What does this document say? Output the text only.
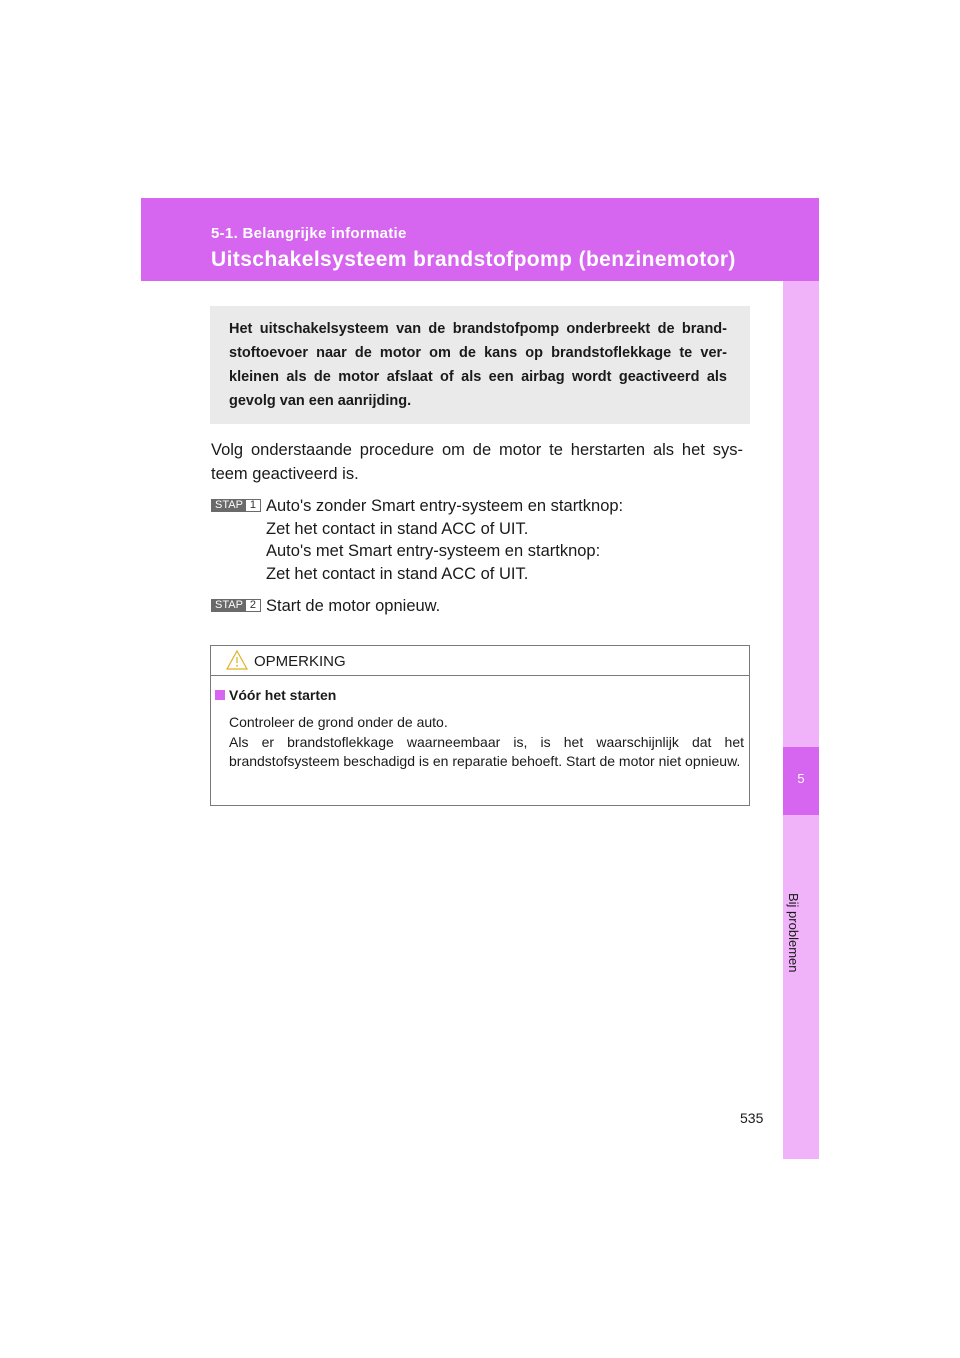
5-1. Belangrijke informatie
Uitschakelsysteem brandstofpomp (benzinemotor)
5
Bij problemen
Het uitschakelsysteem van de brandstofpomp onderbreekt de brand- stoftoevoer naar de motor om de kans op brandstoflekkage te ver- kleinen als de motor afslaat of als een airbag wordt geactiveerd als gevolg van een aanrijding.
Volg onderstaande procedure om de motor te herstarten als het sys- teem geactiveerd is.
STAP 1 Auto's zonder Smart entry-systeem en startknop:
Zet het contact in stand ACC of UIT.
Auto's met Smart entry-systeem en startknop:
Zet het contact in stand ACC of UIT.
STAP 2 Start de motor opnieuw.
OPMERKING
Vóór het starten

Controleer de grond onder de auto.

Als er brandstoflekkage waarneembaar is, is het waarschijnlijk dat het brandstofsysteem beschadigd is en reparatie behoeft. Start de motor niet opnieuw.

535
